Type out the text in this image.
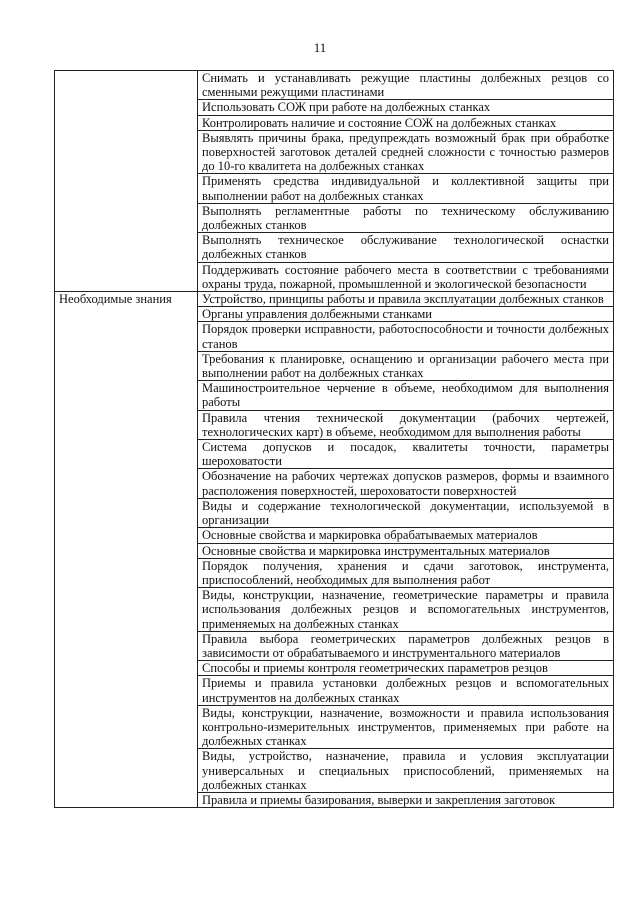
11

	Снимать и устанавливать режущие пластины долбежных резцов со сменными режущими пластинами

	Использовать СОЖ при работе на долбежных станках

	Контролировать наличие и состояние СОЖ на долбежных станках

	Выявлять причины брака, предупреждать возможный брак при обработке поверхностей заготовок деталей средней сложности с точностью размеров до 10-го квалитета на долбежных станках

	Применять средства индивидуальной и коллективной защиты при выполнении работ на долбежных станках

	Выполнять регламентные работы по техническому обслуживанию долбежных станков

	Выполнять техническое обслуживание технологической оснастки долбежных станков

	Поддерживать состояние рабочего места в соответствии с требованиями охраны труда, пожарной, промышленной и экологической безопасности

Необходимые знания	Устройство, принципы работы и правила эксплуатации долбежных станков

	Органы управления долбежными станками

	Порядок проверки исправности, работоспособности и точности долбежных станов

	Требования к планировке, оснащению и организации рабочего места при выполнении работ на долбежных станках

	Машиностроительное черчение в объеме, необходимом для выполнения работы

	Правила чтения технической документации (рабочих чертежей, технологических карт) в объеме, необходимом для выполнения работы

	Система допусков и посадок, квалитеты точности, параметры шероховатости

	Обозначение на рабочих чертежах допусков размеров, формы и взаимного расположения поверхностей, шероховатости поверхностей

	Виды и содержание технологической документации, используемой в организации

	Основные свойства и маркировка обрабатываемых материалов

	Основные свойства и маркировка инструментальных материалов

	Порядок получения, хранения и сдачи заготовок, инструмента, приспособлений, необходимых для выполнения работ

	Виды, конструкции, назначение, геометрические параметры и правила использования долбежных резцов и вспомогательных инструментов, применяемых на долбежных станках

	Правила выбора геометрических параметров долбежных резцов в зависимости от обрабатываемого и инструментального материалов

	Способы и приемы контроля геометрических параметров резцов

	Приемы и правила установки долбежных резцов и вспомогательных инструментов на долбежных станках

	Виды, конструкции, назначение, возможности и правила использования контрольно-измерительных инструментов, применяемых при работе на долбежных станках

	Виды, устройство, назначение, правила и условия эксплуатации универсальных и специальных приспособлений, применяемых на долбежных станках

	Правила и приемы базирования, выверки и закрепления заготовок
